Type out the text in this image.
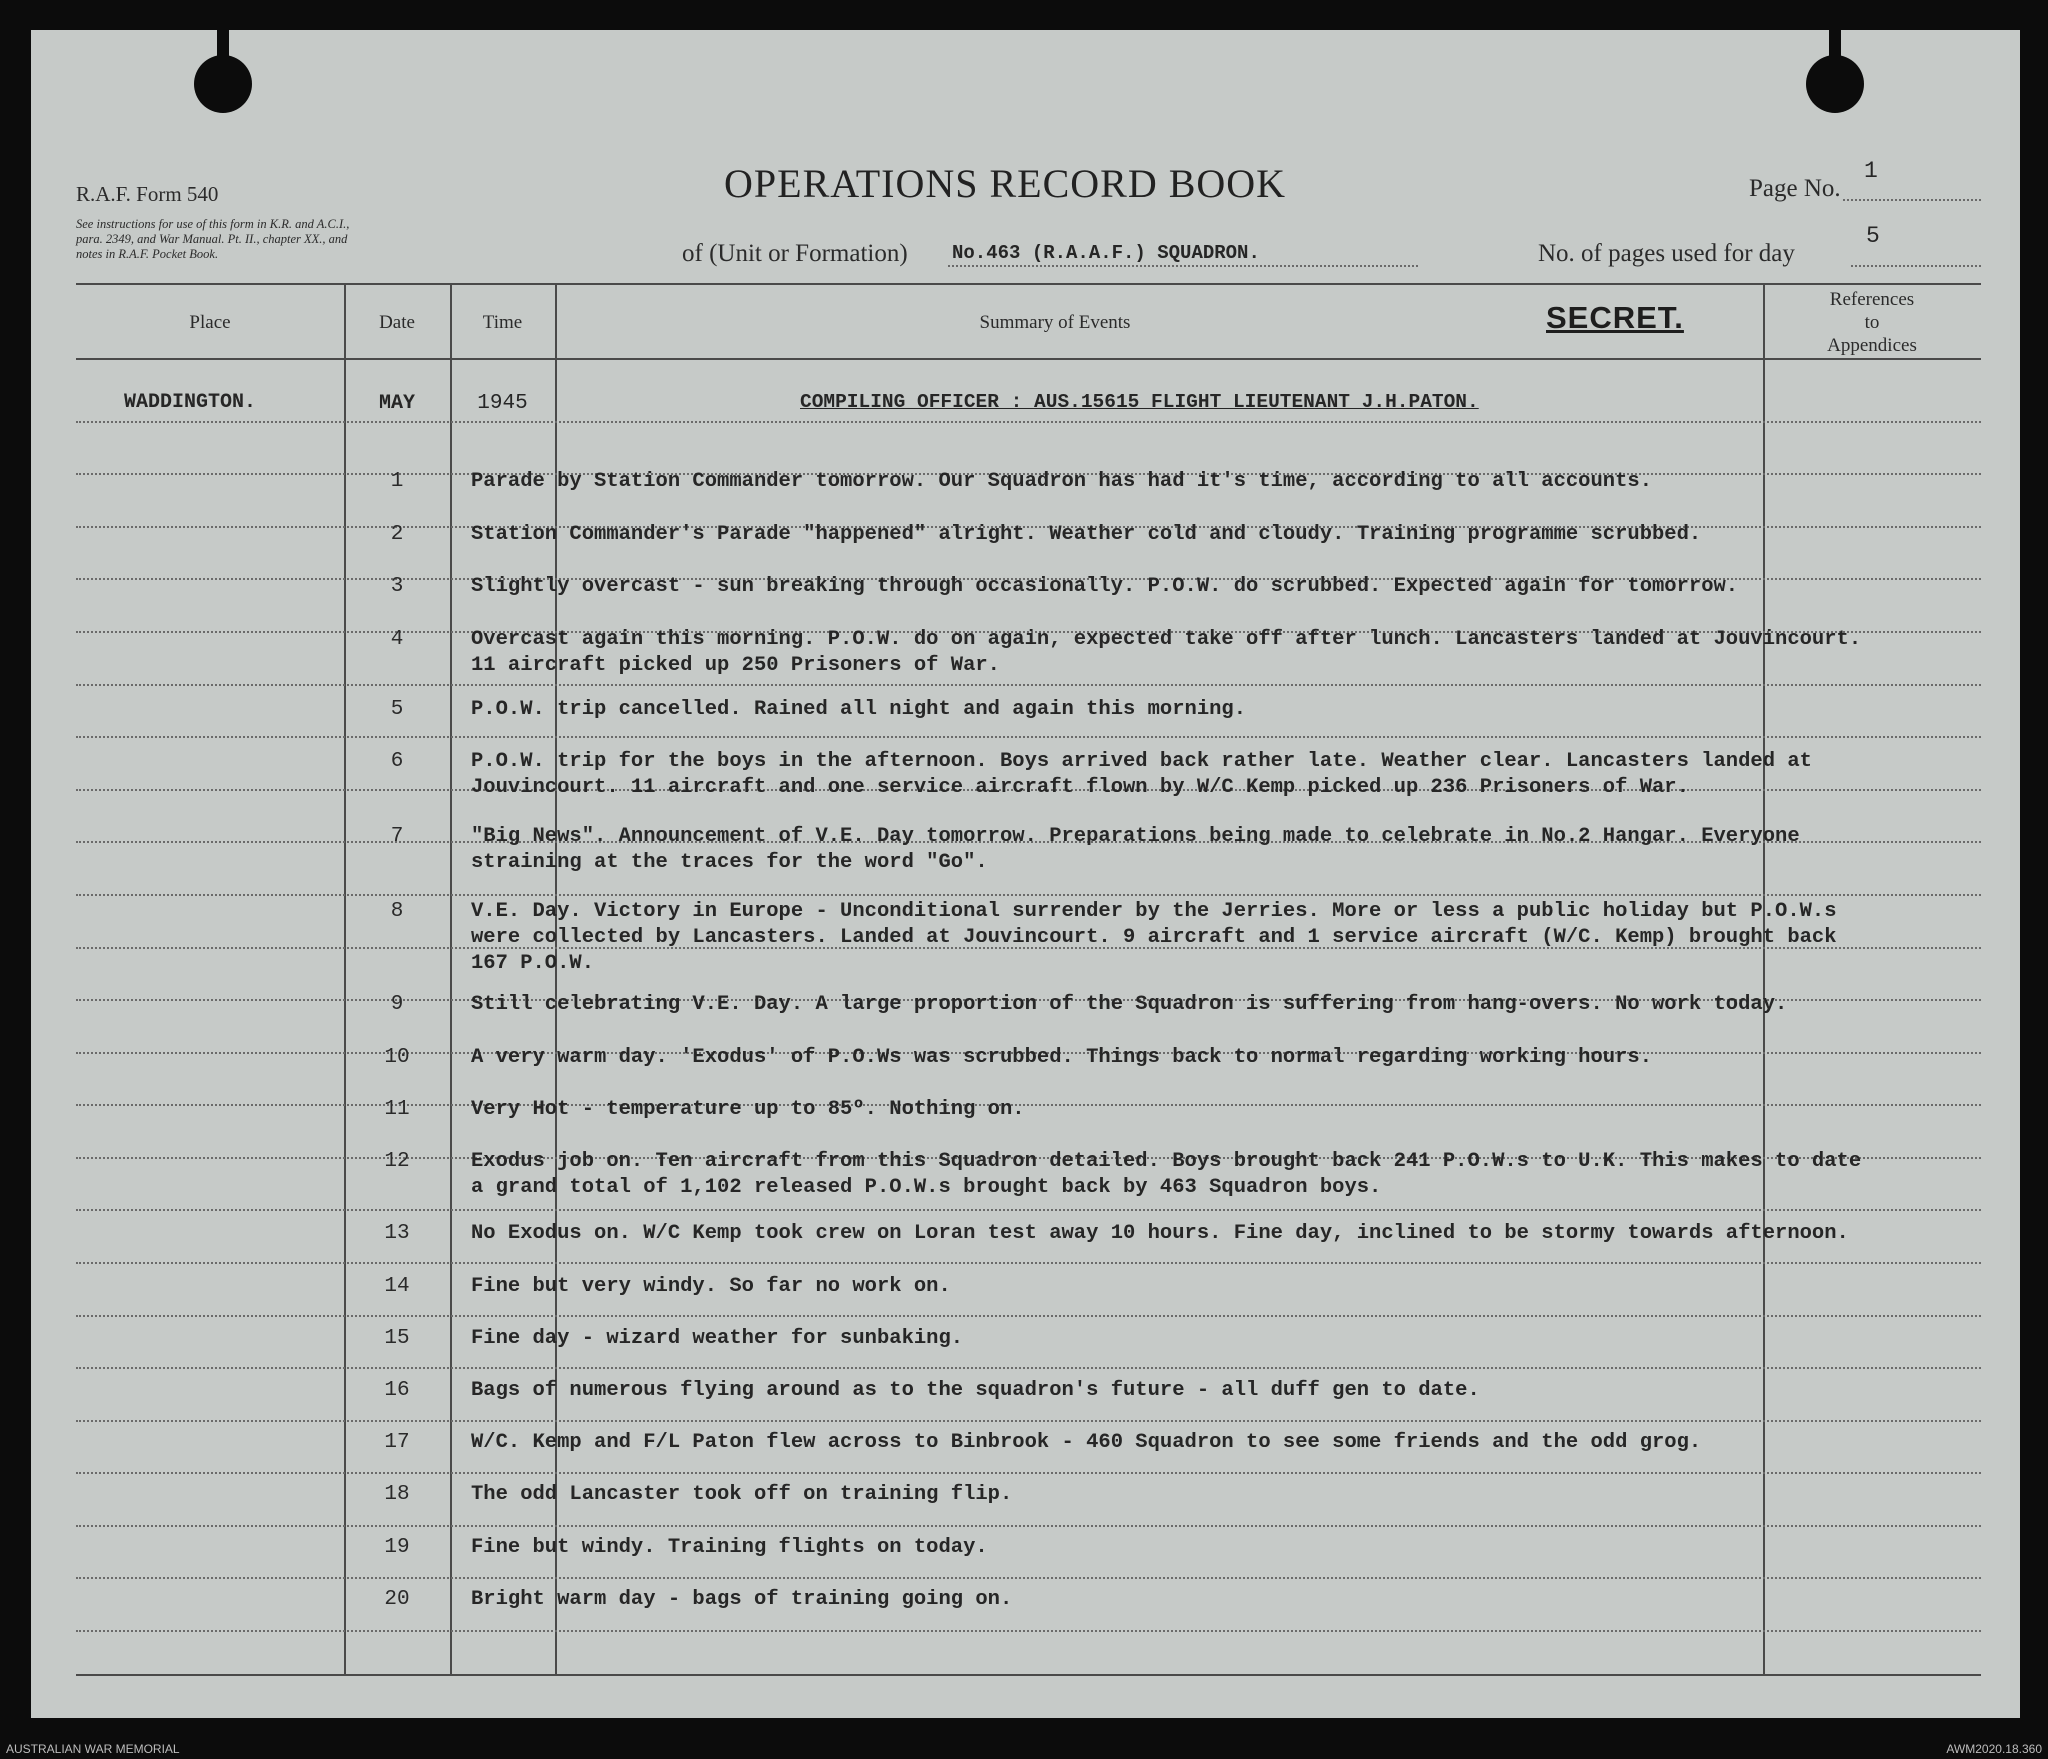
R.A.F. Form 540
See instructions for use of this form in K.R. and A.C.I.,
para. 2349, and War Manual. Pt. II., chapter XX., and
notes in R.A.F. Pocket Book.
OPERATIONS RECORD BOOK	Page No.
1
of (Unit or Formation) No.463 (R.A.A.F.) SQUADRON.	No. of pages used for day
5
Place	Date	Time	Summary of Events	SECRET.
References
to
Appendices
WADDINGTON.	MAY	1945	COMPILING OFFICER : AUS.15615 FLIGHT LIEUTENANT J.H.PATON.
1	Parade by Station Commander tomorrow. Our Squadron has had it's time, according to all accounts.
2	Station Commander's Parade "happened" alright. Weather cold and cloudy. Training programme scrubbed.
3	Slightly overcast - sun breaking through occasionally. P.O.W. do scrubbed. Expected again for tomorrow.
4	Overcast again this morning. P.O.W. do on again, expected take off after lunch. Lancasters landed at Jouvincourt.
11 aircraft picked up 250 Prisoners of War.
5	P.O.W. trip cancelled. Rained all night and again this morning.
6	P.O.W. trip for the boys in the afternoon. Boys arrived back rather late. Weather clear. Lancasters landed at
Jouvincourt. 11 aircraft and one service aircraft flown by W/C Kemp picked up 236 Prisoners of War.
7	"Big News". Announcement of V.E. Day tomorrow. Preparations being made to celebrate in No.2 Hangar. Everyone
straining at the traces for the word "Go".
8	V.E. Day. Victory in Europe - Unconditional surrender by the Jerries. More or less a public holiday but P.O.W.s
were collected by Lancasters. Landed at Jouvincourt. 9 aircraft and 1 service aircraft (W/C. Kemp) brought back
167 P.O.W.
9	Still celebrating V.E. Day. A large proportion of the Squadron is suffering from hang-overs. No work today.
10	A very warm day. 'Exodus' of P.O.Ws was scrubbed. Things back to normal regarding working hours.
11	Very Hot - temperature up to 85º. Nothing on.
12	Exodus job on. Ten aircraft from this Squadron detailed. Boys brought back 241 P.O.W.s to U.K. This makes to date
a grand total of 1,102 released P.O.W.s brought back by 463 Squadron boys.
13	No Exodus on. W/C Kemp took crew on Loran test away 10 hours. Fine day, inclined to be stormy towards afternoon.
14	Fine but very windy. So far no work on.
15	Fine day - wizard weather for sunbaking.
16	Bags of numerous flying around as to the squadron's future - all duff gen to date.
17	W/C. Kemp and F/L Paton flew across to Binbrook - 460 Squadron to see some friends and the odd grog.
18	The odd Lancaster took off on training flip.
19	Fine but windy. Training flights on today.
20	Bright warm day - bags of training going on.
AUSTRALIAN WAR MEMORIAL	AWM2020.18.360
